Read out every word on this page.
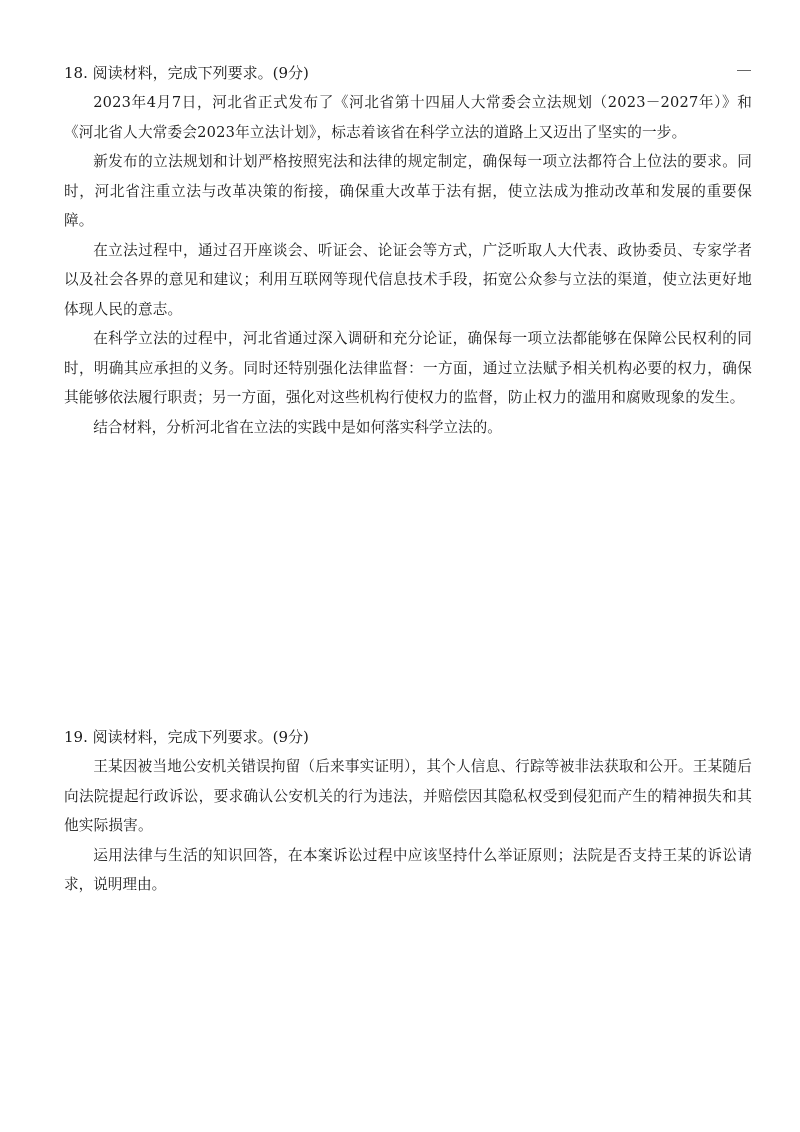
18. 阅读材料，完成下列要求。(9分)

2023年4月7日，河北省正式发布了《河北省第十四届人大常委会立法规划（2023－2027年）》和《河北省人大常委会2023年立法计划》，标志着该省在科学立法的道路上又迈出了坚实的一步。

新发布的立法规划和计划严格按照宪法和法律的规定制定，确保每一项立法都符合上位法的要求。同时，河北省注重立法与改革决策的衔接，确保重大改革于法有据，使立法成为推动改革和发展的重要保障。

在立法过程中，通过召开座谈会、听证会、论证会等方式，广泛听取人大代表、政协委员、专家学者以及社会各界的意见和建议；利用互联网等现代信息技术手段，拓宽公众参与立法的渠道，使立法更好地体现人民的意志。

在科学立法的过程中，河北省通过深入调研和充分论证，确保每一项立法都能够在保障公民权利的同时，明确其应承担的义务。同时还特别强化法律监督：一方面，通过立法赋予相关机构必要的权力，确保其能够依法履行职责；另一方面，强化对这些机构行使权力的监督，防止权力的滥用和腐败现象的发生。

结合材料，分析河北省在立法的实践中是如何落实科学立法的。

19. 阅读材料，完成下列要求。(9分)

王某因被当地公安机关错误拘留（后来事实证明），其个人信息、行踪等被非法获取和公开。王某随后向法院提起行政诉讼，要求确认公安机关的行为违法，并赔偿因其隐私权受到侵犯而产生的精神损失和其他实际损害。

运用法律与生活的知识回答，在本案诉讼过程中应该坚持什么举证原则；法院是否支持王某的诉讼请求，说明理由。
